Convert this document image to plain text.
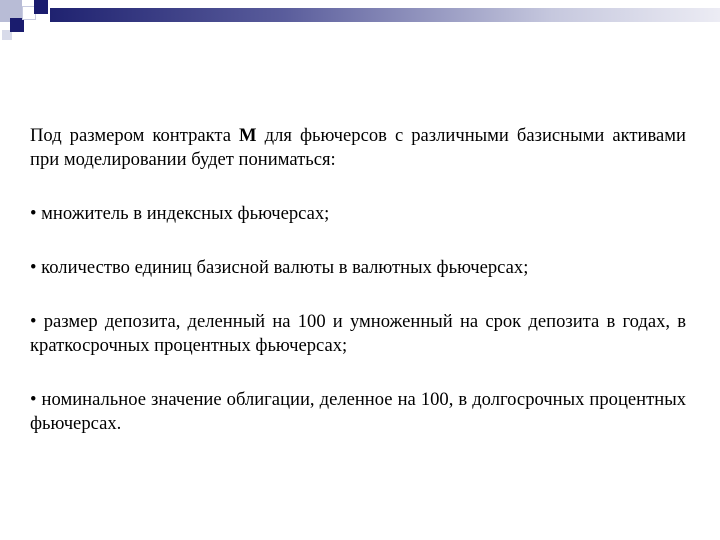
Под размером контракта M для фьючерсов с различными базисными активами при моделировании будет пониматься:

• множитель в индексных фьючерсах;

• количество единиц базисной валюты в валютных фьючерсах;

• размер депозита, деленный на 100 и умноженный на срок депозита в годах, в краткосрочных процентных фьючерсах;

• номинальное значение облигации, деленное на 100, в долгосрочных процентных фьючерсах.
